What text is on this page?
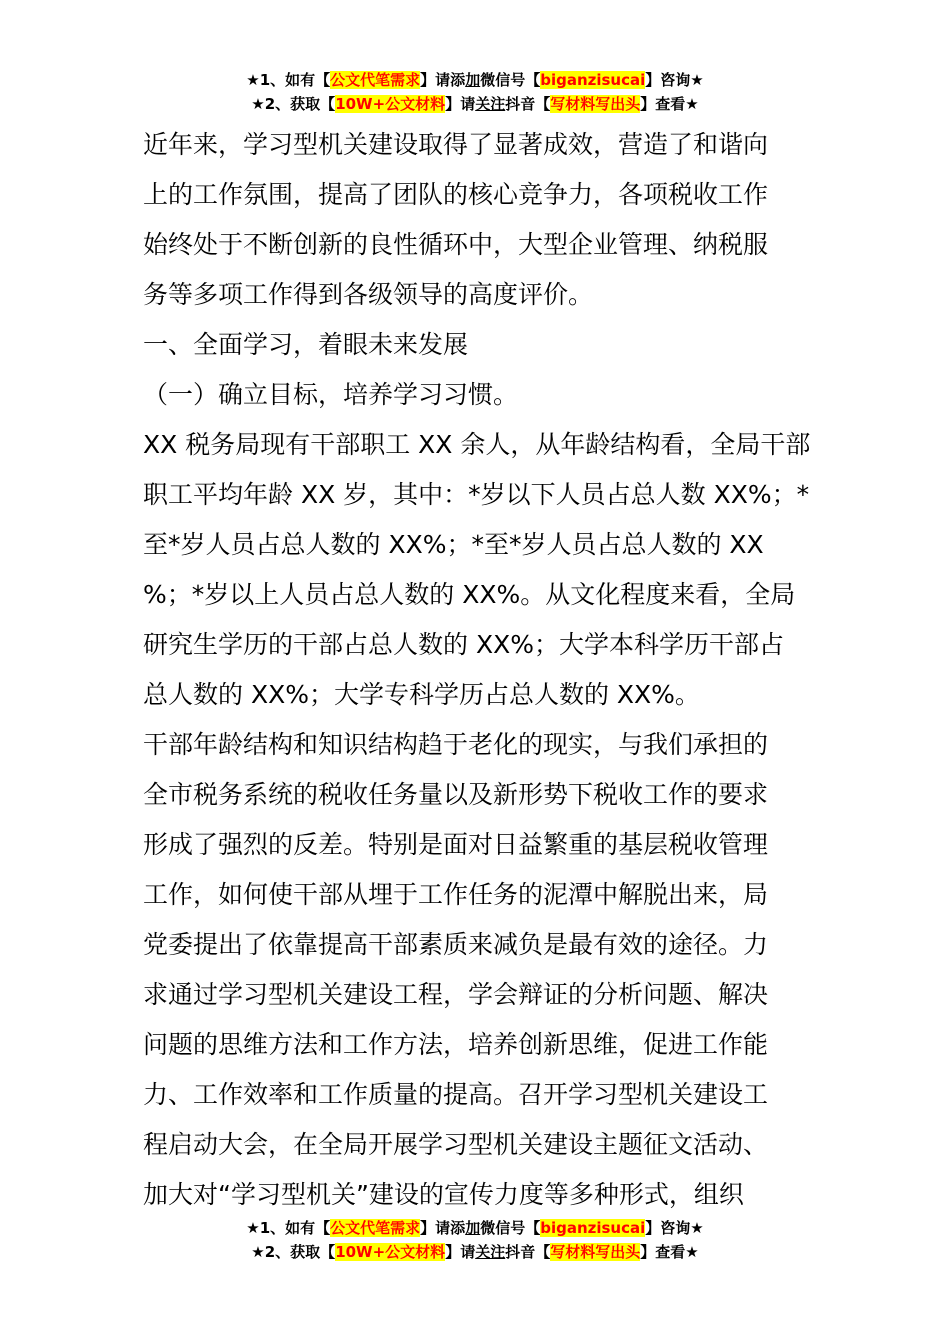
★1、如有【公文代笔需求】请添加微信号【biganzisucai】咨询★
★2、获取【10W+公文材料】请关注抖音【写材料写出头】查看★

近年来，学习型机关建设取得了显著成效，营造了和谐向

上的工作氛围，提高了团队的核心竞争力，各项税收工作

始终处于不断创新的良性循环中，大型企业管理、纳税服

务等多项工作得到各级领导的高度评价。

一、全面学习，着眼未来发展

（一）确立目标，培养学习习惯。

XX 税务局现有干部职工 XX 余人，从年龄结构看，全局干部

职工平均年龄 XX 岁，其中：*岁以下人员占总人数 XX%；*

至*岁人员占总人数的 XX%；*至*岁人员占总人数的 XX

%；*岁以上人员占总人数的 XX%。从文化程度来看，全局

研究生学历的干部占总人数的 XX%；大学本科学历干部占

总人数的 XX%；大学专科学历占总人数的 XX%。

干部年龄结构和知识结构趋于老化的现实，与我们承担的

全市税务系统的税收任务量以及新形势下税收工作的要求

形成了强烈的反差。特别是面对日益繁重的基层税收管理

工作，如何使干部从埋于工作任务的泥潭中解脱出来，局

党委提出了依靠提高干部素质来减负是最有效的途径。力

求通过学习型机关建设工程，学会辩证的分析问题、解决

问题的思维方法和工作方法，培养创新思维，促进工作能

力、工作效率和工作质量的提高。召开学习型机关建设工

程启动大会，在全局开展学习型机关建设主题征文活动、

加大对“学习型机关”建设的宣传力度等多种形式，组织

★1、如有【公文代笔需求】请添加微信号【biganzisucai】咨询★
★2、获取【10W+公文材料】请关注抖音【写材料写出头】查看★
